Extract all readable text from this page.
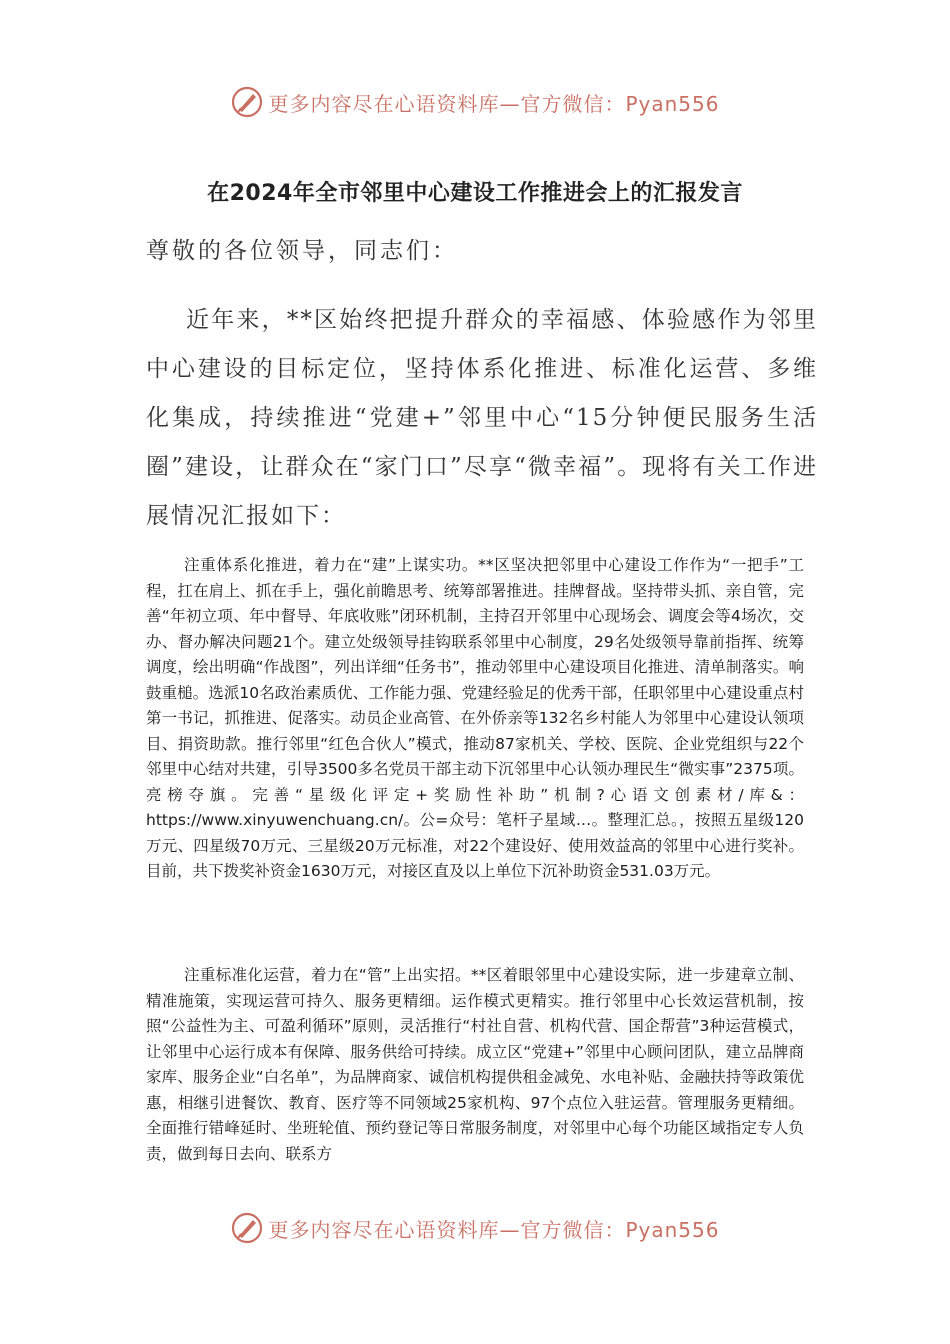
更多内容尽在心语资料库—官方微信：Pyan556
在2024年全市邻里中心建设工作推进会上的汇报发言
尊敬的各位领导，同志们：

近年来，**区始终把提升群众的幸福感、体验感作为邻里中心建设的目标定位，坚持体系化推进、标准化运营、多维化集成，持续推进“党建+”邻里中心“15分钟便民服务生活圈”建设，让群众在“家门口”尽享“微幸福”。现将有关工作进展情况汇报如下：

注重体系化推进，着力在“建”上谋实功。**区坚决把邻里中心建设工作作为“一把手”工程，扛在肩上、抓在手上，强化前瞻思考、统筹部署推进。挂牌督战。坚持带头抓、亲自管，完善“年初立项、年中督导、年底收账”闭环机制，主持召开邻里中心现场会、调度会等4场次，交办、督办解决问题21个。建立处级领导挂钩联系邻里中心制度，29名处级领导靠前指挥、统筹调度，绘出明确“作战图”，列出详细“任务书”，推动邻里中心建设项目化推进、清单制落实。响鼓重槌。选派10名政治素质优、工作能力强、党建经验足的优秀干部，任职邻里中心建设重点村第一书记，抓推进、促落实。动员企业高管、在外侨亲等132名乡村能人为邻里中心建设认领项目、捐资助款。推行邻里“红色合伙人”模式，推动87家机关、学校、医院、企业党组织与22个邻里中心结对共建，引导3500多名党员干部主动下沉邻里中心认领办理民生“微实事”2375项。亮榜夺旗。完善“星级化评定+奖励性补助”机制?心语文创素材/库&：https://www.xinyuwenchuang.cn/。公=众号：笔杆子星域…。整理汇总。，按照五星级120万元、四星级70万元、三星级20万元标准，对22个建设好、使用效益高的邻里中心进行奖补。目前，共下拨奖补资金1630万元，对接区直及以上单位下沉补助资金531.03万元。

注重标准化运营，着力在“管”上出实招。**区着眼邻里中心建设实际，进一步建章立制、精准施策，实现运营可持久、服务更精细。运作模式更精实。推行邻里中心长效运营机制，按照“公益性为主、可盈利循环”原则，灵活推行“村社自营、机构代营、国企帮营”3种运营模式，让邻里中心运行成本有保障、服务供给可持续。成立区“党建+”邻里中心顾问团队，建立品牌商家库、服务企业“白名单”，为品牌商家、诚信机构提供租金减免、水电补贴、金融扶持等政策优惠，相继引进餐饮、教育、医疗等不同领域25家机构、97个点位入驻运营。管理服务更精细。全面推行错峰延时、坐班轮值、预约登记等日常服务制度，对邻里中心每个功能区域指定专人负责，做到每日去向、联系方

更多内容尽在心语资料库—官方微信：Pyan556
